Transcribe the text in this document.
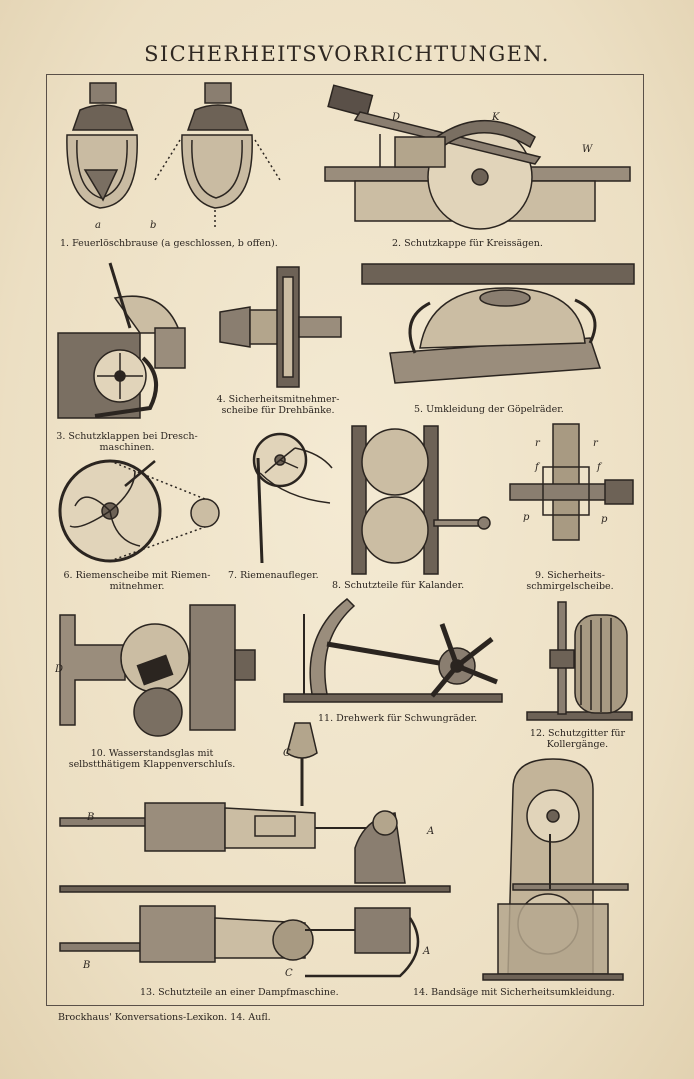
SICHERHEITSVORRICHTUNGEN.
a	b
1. Feuerlöschbrause (a geschlossen, b offen).
D	K
W
2. Schutzkappe für Kreissägen.
3. Schutzklappen bei Dresch-
maschinen.
4. Sicherheitsmitnehmer-
scheibe für Drehbänke.	5. Umkleidung der Göpelräder.
6. Riemenscheibe mit Riemen-
mitnehmer.
7. Riemenaufleger.
8. Schutzteile für Kalander.
r	r
f	f
p	p
9. Sicherheits-
schmirgelscheibe.
D
10. Wasserstandsglas mit
selbstthätigem Klappenverschluſs.
11. Drehwerk für Schwungräder.
12. Schutzgitter für
Kollergänge.
B
A
C
B
A
C
13. Schutzteile an einer Dampfmaschine.	14. Bandsäge mit Sicherheitsumkleidung.
Brockhaus' Konversations-Lexikon. 14. Aufl.
